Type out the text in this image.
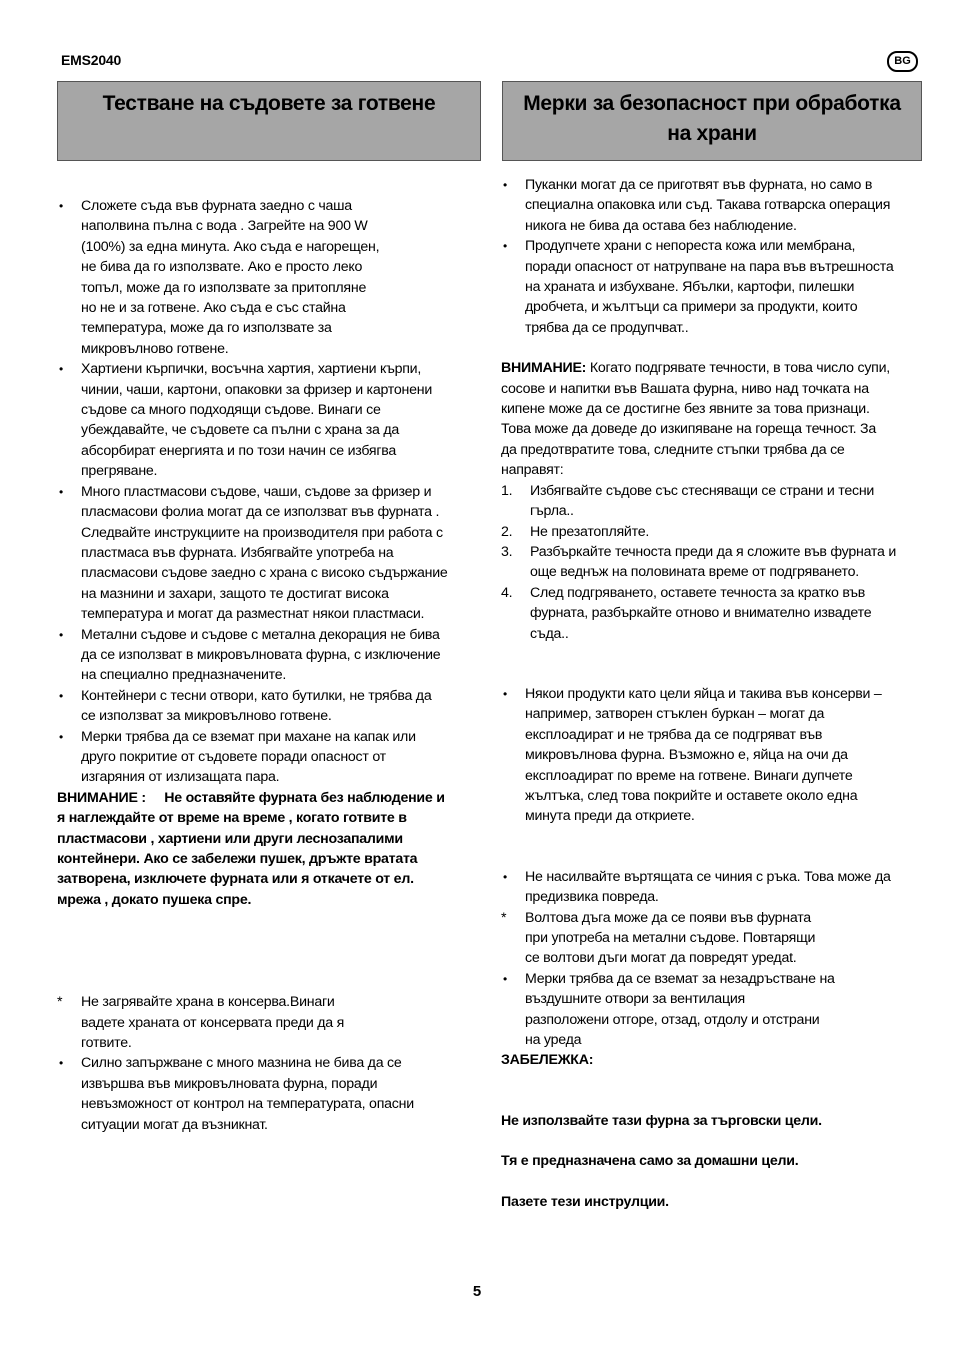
EMS2040	BG
Тестване на съдовете за готвене	Мерки за безопасност при обработка
на храни
•	Сложете съда във фурната заедно с чаша
наполвина пълна с вода . Загрейте на 900 W
(100%) за една минута. Ако съда е нагорещен,
не бива да го използвате. Ако е просто леко
топъл, може да го използвате за притопляне
но не и за готвене. Ако съда е със стайна
температура, може да го използвате за
микровълново готвене.
•	Хартиени кърпички, восъчна хартия, хартиени кърпи,
чинии, чаши, картони, опаковки за фризер и картонени
съдове са много подходящи съдове. Винаги се
убеждавайте, че съдовете са пълни с храна за да
абсорбират енергията и по този начин се избягва
прегряване.
•	Много пластмасови съдове, чаши, съдове за фризер и
пласмасови фолиа могат да се използват във фурната .
Следвайте инструкциите на производителя при работа с
пластмаса във фурната. Избягвайте употреба на
пласмасови съдове заедно с храна с високо съдържание
на мазнини и захари, защото те достигат висока
температура и могат да разместнат някои пластмаси.
•	Метални съдове и съдове с метална декорация не бива
да се използват в микровълновата фурна, с изключение
на специално предназначените.
•	Контейнери с тесни отвори, като бутилки, не трябва да
се използват за микровълново готвене.
•	Мерки трябва да се вземат при махане на капак или
друго покритие от съдовете поради опасност от
изгаряния от излизащата пара.
ВНИМАНИЕ : Не оставяйте фурната без наблюдение и
я наглеждайте от време на време , когато готвите в
пластмасови , хартиени или други леснозапалими
контейнери. Ако се забележи пушек, дръжте вратата
затворена, изключете фурната или я откачете от ел.
мрежа , докато пушека спре.
*	Не загрявайте храна в консерва.Винаги
вадете храната от консервата преди да я
готвите.
•	Силно запържване с много мазнина не бива да се
извършва във микровълновата фурна, поради
невъзможност от контрол на температурата, опасни
ситуации могат да възникнат.
•	Пуканки могат да се приготвят във фурната, но само в
специална опаковка или съд. Такава готварска операция
никога не бива да остава без наблюдение.
•	Продупчете храни с непореста кожа или мембрана,
поради опасност от натрупване на пара във вътрешноста
на храната и избухване. Ябълки, картофи, пилешки
дробчета, и жълтъци са примери за продукти, които
трябва да се продупчват..
ВНИМАНИЕ: Когато подгрявате течности, в това число супи,
сосове и напитки във Вашата фурна, ниво над точката на
кипене може да се достигне без явните за това признаци.
Това може да доведе до изкипяване на гореща течност. За
да предотвратите това, следните стъпки трябва да се
направят:
1.	Избягвайте съдове със стесняващи се страни и тесни
гърла..
2.	Не презатопляйте.
3.	Разбъркайте течноста преди да я сложите във фурната и
още веднъж на половината време от подгряването.
4.	След подгряването, оставете течноста за кратко във
фурната, разбъркайте отново и внимателно извадете
съда..
•	Някои продукти като цели яйца и такива във консерви –
например, затворен стъклен буркан – могат да
експлоадират и не трябва да се подгряват във
микровълнова фурна. Възможно е, яйца на очи да
експлоадират по време на готвене. Винаги дупчете
жълтъка, след това покрийте и оставете около една
минута преди да откриете.
•	Не насилвайте въртящата се чиния с ръка. Това може да
предизвика повреда.
*	Волтова дъга може да се появи във фурната
при употреба на метални съдове. Повтарящи
се волтови дъги могат да повредят уредat.
•	Мерки трябва да се вземат за незадръстване на
въздушните отвори за вентилация
разположени отгоре, отзад, отдолу и отстрани
на уреда
ЗАБЕЛЕЖКА:
Не използвайте тази фурна за търговски цели.
Тя е предназначена само за домашни цели.
Пазете тези инструлции.
5
